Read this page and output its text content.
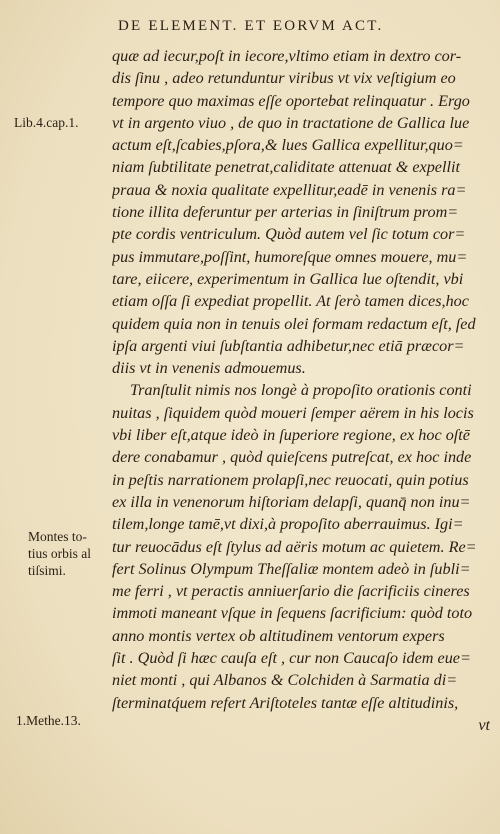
DE ELEMENT. ET EORVM ACT.
quæ ad iecur,poſt in iecore,vltimo etiam in dextro cor-
dis ſinu , adeo retunduntur viribus vt vix veſtigium eo
tempore quo maximas eſſe oportebat relinquatur . Ergo
vt in argento viuo , de quo in tractatione de Gallica lue
actum eſt,ſcabies,pſora,& lues Gallica expellitur,quo=
niam ſubtilitate penetrat,caliditate attenuat & expellit
praua & noxia qualitate expellitur,eadē in venenis ra=
tione illita deferuntur per arterias in ſiniſtrum prom=
pte cordis ventriculum. Quòd autem vel ſic totum cor=
pus immutare,poſſint, humoreſque omnes mouere, mu=
tare, eiicere, experimentum in Gallica lue oſtendit, vbi
etiam oſſa ſi expediat propellit. At ſerò tamen dices,hoc
quidem quia non in tenuis olei formam redactum eſt, ſed
ipſa argenti viui ſubſtantia adhibetur,nec etiā præcor=
diis vt in venenis admouemus.
Tranſtulit nimis nos longè à propoſito orationis conti
nuitas , ſiquidem quòd moueri ſemper aërem in his locis
vbi liber eſt,atque ideò in ſuperiore regione, ex hoc oſtē
dere conabamur , quòd quieſcens putreſcat, ex hoc inde
in peſtis narrationem prolapſi,nec reuocati, quin potius
ex illa in venenorum hiſtoriam delapſi, quanq̄ non inu=
tilem,longe tamē,vt dixi,à propoſito aberrauimus. Igi=
tur reuocādus eſt ſtylus ad aëris motum ac quietem. Re=
fert Solinus Olympum Theſſaliæ montem adeò in ſubli=
me ferri , vt peractis anniuerſario die ſacrificiis cineres
immoti maneant vſque in ſequens ſacrificium: quòd toto
anno montis vertex ob altitudinem ventorum expers
ſit . Quòd ſi hæc cauſa eſt , cur non Caucaſo idem eue=
niet monti , qui Albanos & Colchiden à Sarmatia di=
ſterminatq́uem refert Ariſtoteles tantæ eſſe altitudinis,
vt
Lib.4.cap.1.
Montes to-
tius orbis al
tiſsimi.
1.Methe.13.
